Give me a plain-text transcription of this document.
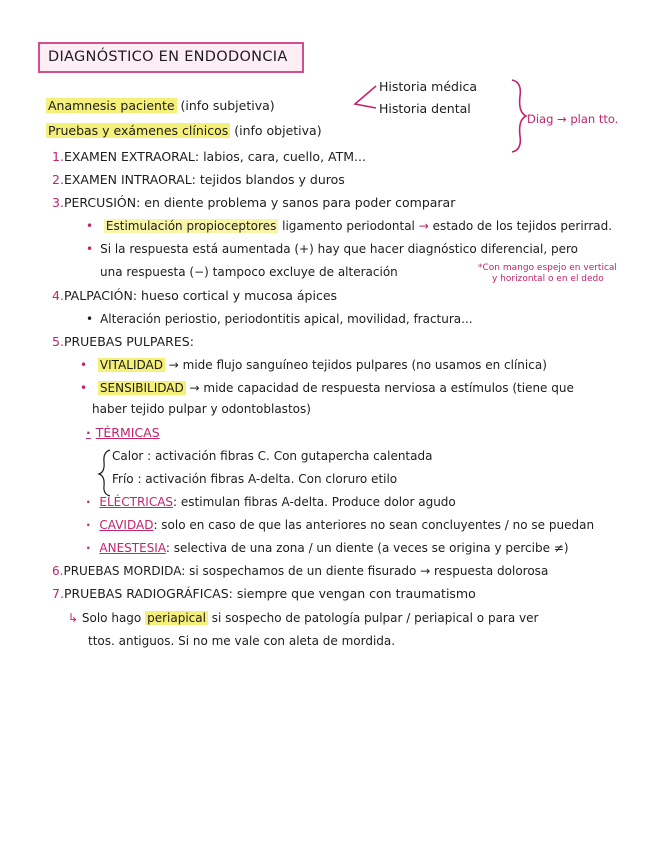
DIAGNÓSTICO EN ENDODONCIA
Anamnesis paciente (info subjetiva)
Historia médica
Historia dental
Diag → plan tto.
Pruebas y exámenes clínicos (info objetiva)
1.EXAMEN EXTRAORAL: labios, cara, cuello, ATM...
2.EXAMEN INTRAORAL: tejidos blandos y duros
3.PERCUSIÓN: en diente problema y sanos para poder comparar
• Estimulación propioceptores ligamento periodontal → estado de los tejidos perirrad.
• Si la respuesta está aumentada (+) hay que hacer diagnóstico diferencial, pero
una respuesta (−) tampoco excluye de alteración	*Con mango espejo en vertical
y horizontal o en el dedo
4.PALPACIÓN: hueso cortical y mucosa ápices
• Alteración periostio, periodontitis apical, movilidad, fractura...
5.PRUEBAS PULPARES:
• VITALIDAD → mide flujo sanguíneo tejidos pulpares (no usamos en clínica)
• SENSIBILIDAD → mide capacidad de respuesta nerviosa a estímulos (tiene que
haber tejido pulpar y odontoblastos)
· TÉRMICAS
Calor : activación fibras C. Con gutapercha calentada
Frío : activación fibras A-delta. Con cloruro etilo
· ELÉCTRICAS: estimulan fibras A-delta. Produce dolor agudo
· CAVIDAD: solo en caso de que las anteriores no sean concluyentes / no se puedan
· ANESTESIA: selectiva de una zona / un diente (a veces se origina y percibe ≠)
6.PRUEBAS MORDIDA: si sospechamos de un diente fisurado → respuesta dolorosa
7.PRUEBAS RADIOGRÁFICAS: siempre que vengan con traumatismo
↳ Solo hago periapical si sospecho de patología pulpar / periapical o para ver
ttos. antiguos. Si no me vale con aleta de mordida.
